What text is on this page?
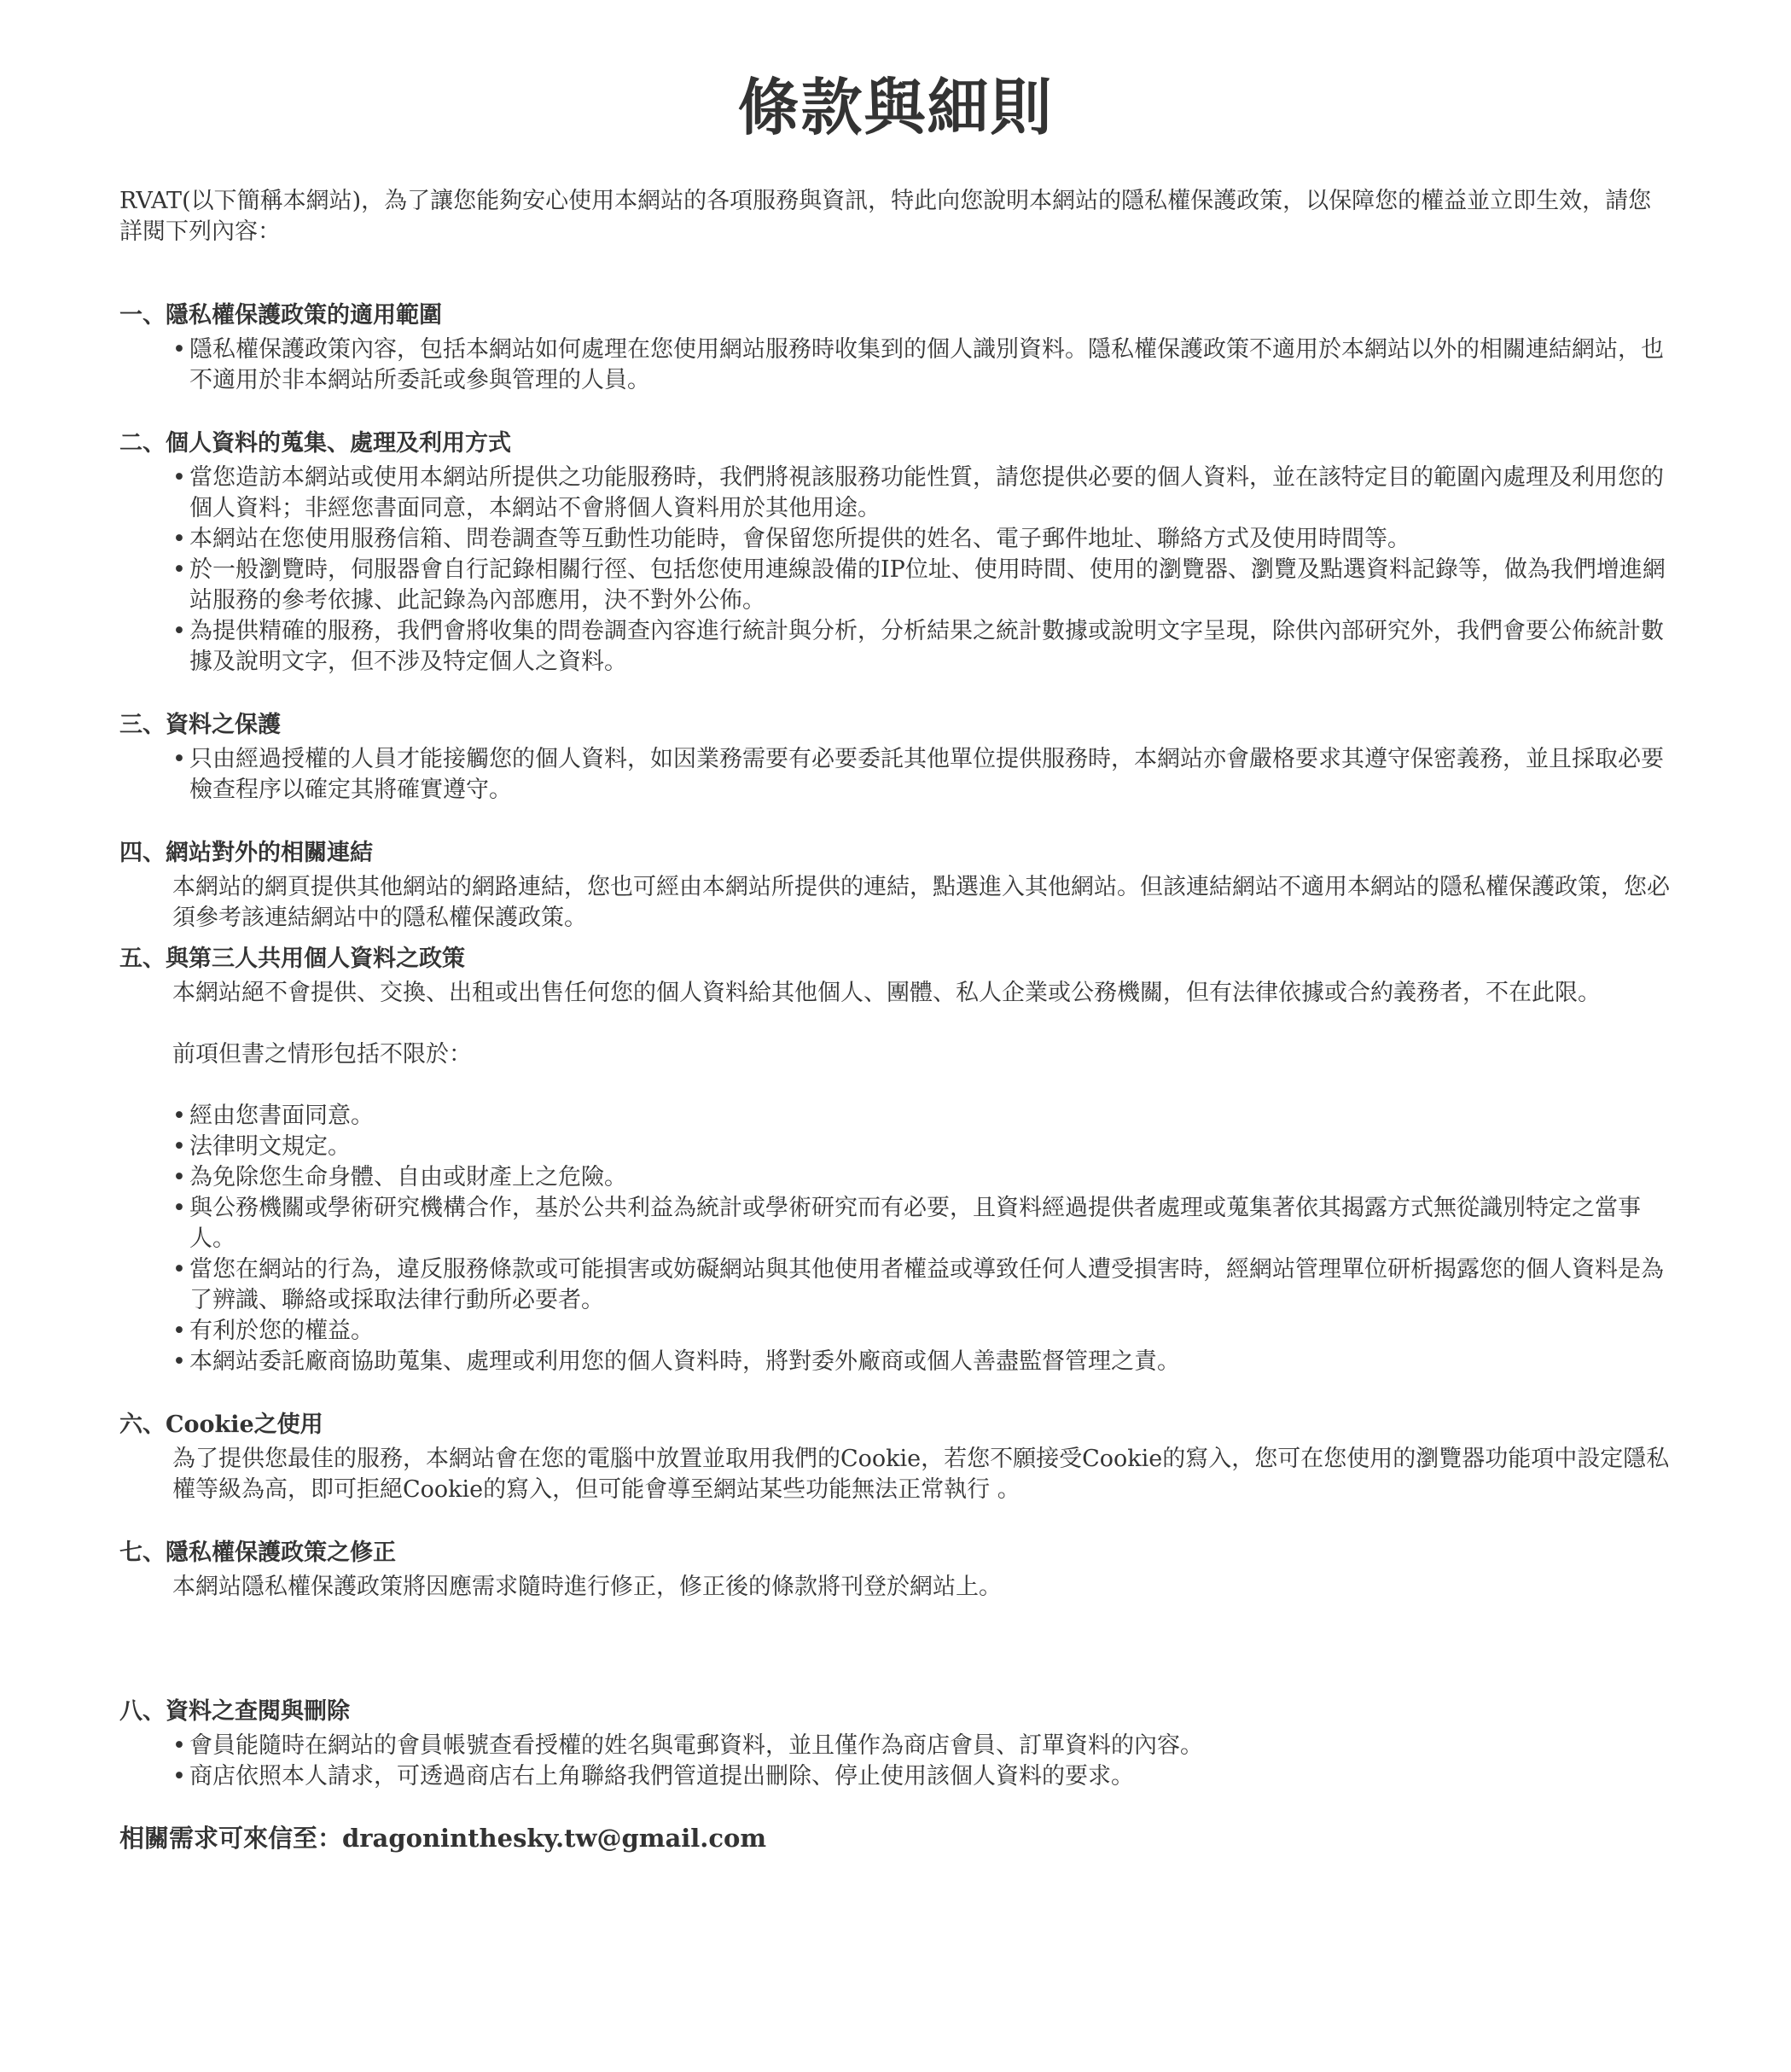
條款與細則

RVAT(以下簡稱本網站)，為了讓您能夠安心使用本網站的各項服務與資訊，特此向您說明本網站的隱私權保護政策，以保障您的權益並立即生效，請您詳閱下列內容：

一、隱私權保護政策的適用範圍
• 隱私權保護政策內容，包括本網站如何處理在您使用網站服務時收集到的個人識別資料。隱私權保護政策不適用於本網站以外的相關連結網站，也不適用於非本網站所委託或參與管理的人員。
二、個人資料的蒐集、處理及利用方式
• 當您造訪本網站或使用本網站所提供之功能服務時，我們將視該服務功能性質，請您提供必要的個人資料，並在該特定目的範圍內處理及利用您的個人資料；非經您書面同意，本網站不會將個人資料用於其他用途。
• 本網站在您使用服務信箱、問卷調查等互動性功能時，會保留您所提供的姓名、電子郵件地址、聯絡方式及使用時間等。
• 於一般瀏覽時，伺服器會自行記錄相關行徑、包括您使用連線設備的IP位址、使用時間、使用的瀏覽器、瀏覽及點選資料記錄等，做為我們增進網站服務的參考依據、此記錄為內部應用，決不對外公佈。
• 為提供精確的服務，我們會將收集的問卷調查內容進行統計與分析，分析結果之統計數據或說明文字呈現，除供內部研究外，我們會要公佈統計數據及說明文字，但不涉及特定個人之資料。
三、資料之保護
• 只由經過授權的人員才能接觸您的個人資料，如因業務需要有必要委託其他單位提供服務時，本網站亦會嚴格要求其遵守保密義務，並且採取必要檢查程序以確定其將確實遵守。
四、網站對外的相關連結

本網站的網頁提供其他網站的網路連結，您也可經由本網站所提供的連結，點選進入其他網站。但該連結網站不適用本網站的隱私權保護政策，您必須參考該連結網站中的隱私權保護政策。

五、與第三人共用個人資料之政策

本網站絕不會提供、交換、出租或出售任何您的個人資料給其他個人、團體、私人企業或公務機關，但有法律依據或合約義務者，不在此限。

前項但書之情形包括不限於：

• 經由您書面同意。
• 法律明文規定。
• 為免除您生命身體、自由或財產上之危險。
• 與公務機關或學術研究機構合作，基於公共利益為統計或學術研究而有必要，且資料經過提供者處理或蒐集著依其揭露方式無從識別特定之當事人。
• 當您在網站的行為，違反服務條款或可能損害或妨礙網站與其他使用者權益或導致任何人遭受損害時，經網站管理單位研析揭露您的個人資料是為了辨識、聯絡或採取法律行動所必要者。
• 有利於您的權益。
• 本網站委託廠商協助蒐集、處理或利用您的個人資料時，將對委外廠商或個人善盡監督管理之責。
六、Cookie之使用

為了提供您最佳的服務，本網站會在您的電腦中放置並取用我們的Cookie，若您不願接受Cookie的寫入，您可在您使用的瀏覽器功能項中設定隱私權等級為高，即可拒絕Cookie的寫入，但可能會導至網站某些功能無法正常執行 。

七、隱私權保護政策之修正

本網站隱私權保護政策將因應需求隨時進行修正，修正後的條款將刊登於網站上。

八、資料之查閱與刪除
• 會員能隨時在網站的會員帳號查看授權的姓名與電郵資料，並且僅作為商店會員、訂單資料的內容。
• 商店依照本人請求，可透過商店右上角聯絡我們管道提出刪除、停止使用該個人資料的要求。

相關需求可來信至：dragoninthesky.tw@gmail.com
